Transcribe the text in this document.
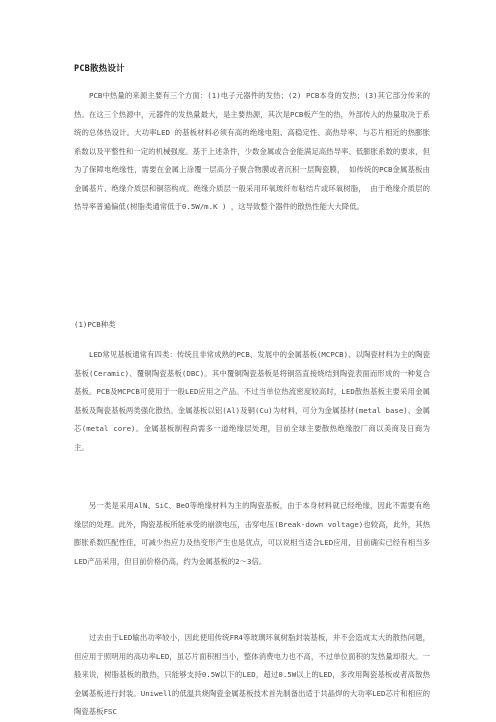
PCB散热设计

PCB中热量的来源主要有三个方面：(1)电子元器件的发热；(2) PCB本身的发热；(3)其它部分传来的热。在这三个热源中，元器件的发热量最大，是主要热源，其次是PCB板产生的热，外部传入的热量取决于系统的总体热设计。大功率LED 的基板材料必须有高的绝缘电阻、高稳定性、高热导率、与芯片相近的热膨胀系数以及平整性和一定的机械强度。基于上述条件，少数金属或合金能满足高热导率、低膨胀系数的要求，但为了保障电绝缘性，需要在金属上涂覆一层高分子聚合物膜或者沉积一层陶瓷膜， 如传统的PCB金属基板由金属基片、绝缘介质层和铜箔构成。绝缘介质层一般采用环氧玻纤布粘结片或环氧树脂， 由于绝缘介质层的热导率普遍偏低(树脂类通常低于0.5W/m.K ) ，这导致整个器件的散热性能大大降低。

(1)PCB种类

LED常见基板通常有四类：传统且非常成熟的PCB、发展中的金属基板(MCPCB)、以陶瓷材料为主的陶瓷基板(Ceramic)、覆铜陶瓷基板(DBC)。其中覆铜陶瓷基板是将铜箔直接烧结到陶瓷表面而形成的一种复合基板。PCB及MCPCB可使用于一般LED应用之产品。不过当单位热流密度较高时，LED散热基板主要采用金属基板及陶瓷基板两类强化散热。金属基板以铝(Al)及铜(Cu)为材料，可分为金属基材(metal base)、金属芯(metal core)。金属基板制程尚需多一道绝缘层处理，目前全球主要散热绝缘胶厂商以美商及日商为主。

另一类是采用AlN、SiC、BeO等绝缘材料为主的陶瓷基板，由于本身材料就已经绝缘，因此不需要有绝缘层的处理。此外，陶瓷基板所能承受的崩溃电压，击穿电压(Break-down voltage)也较高，此外，其热膨胀系数匹配性佳，可减少热应力及热变形产生也是优点，可以说相当适合LED应用，目前确实已经有相当多LED产品采用，但目前价格仍高，约为金属基板的2～3倍。

过去由于LED输出功率较小，因此使用传统FR4等玻璃环氧树脂封装基板，并不会造成太大的散热问题，但应用于照明用的高功率LED，虽芯片面积相当小，整体消费电力也不高，不过单位面积的发热量却很大。一般来说，树脂基板的散热，只能够支持0.5W以下的LED，超过0.5W以上的LED，多改用陶瓷基板或者高散热金属基板进行封装。Uniwell的低温共烧陶瓷金属基板技术首先制备出适于共晶焊的大功率LED芯片和相应的陶瓷基板FSC
